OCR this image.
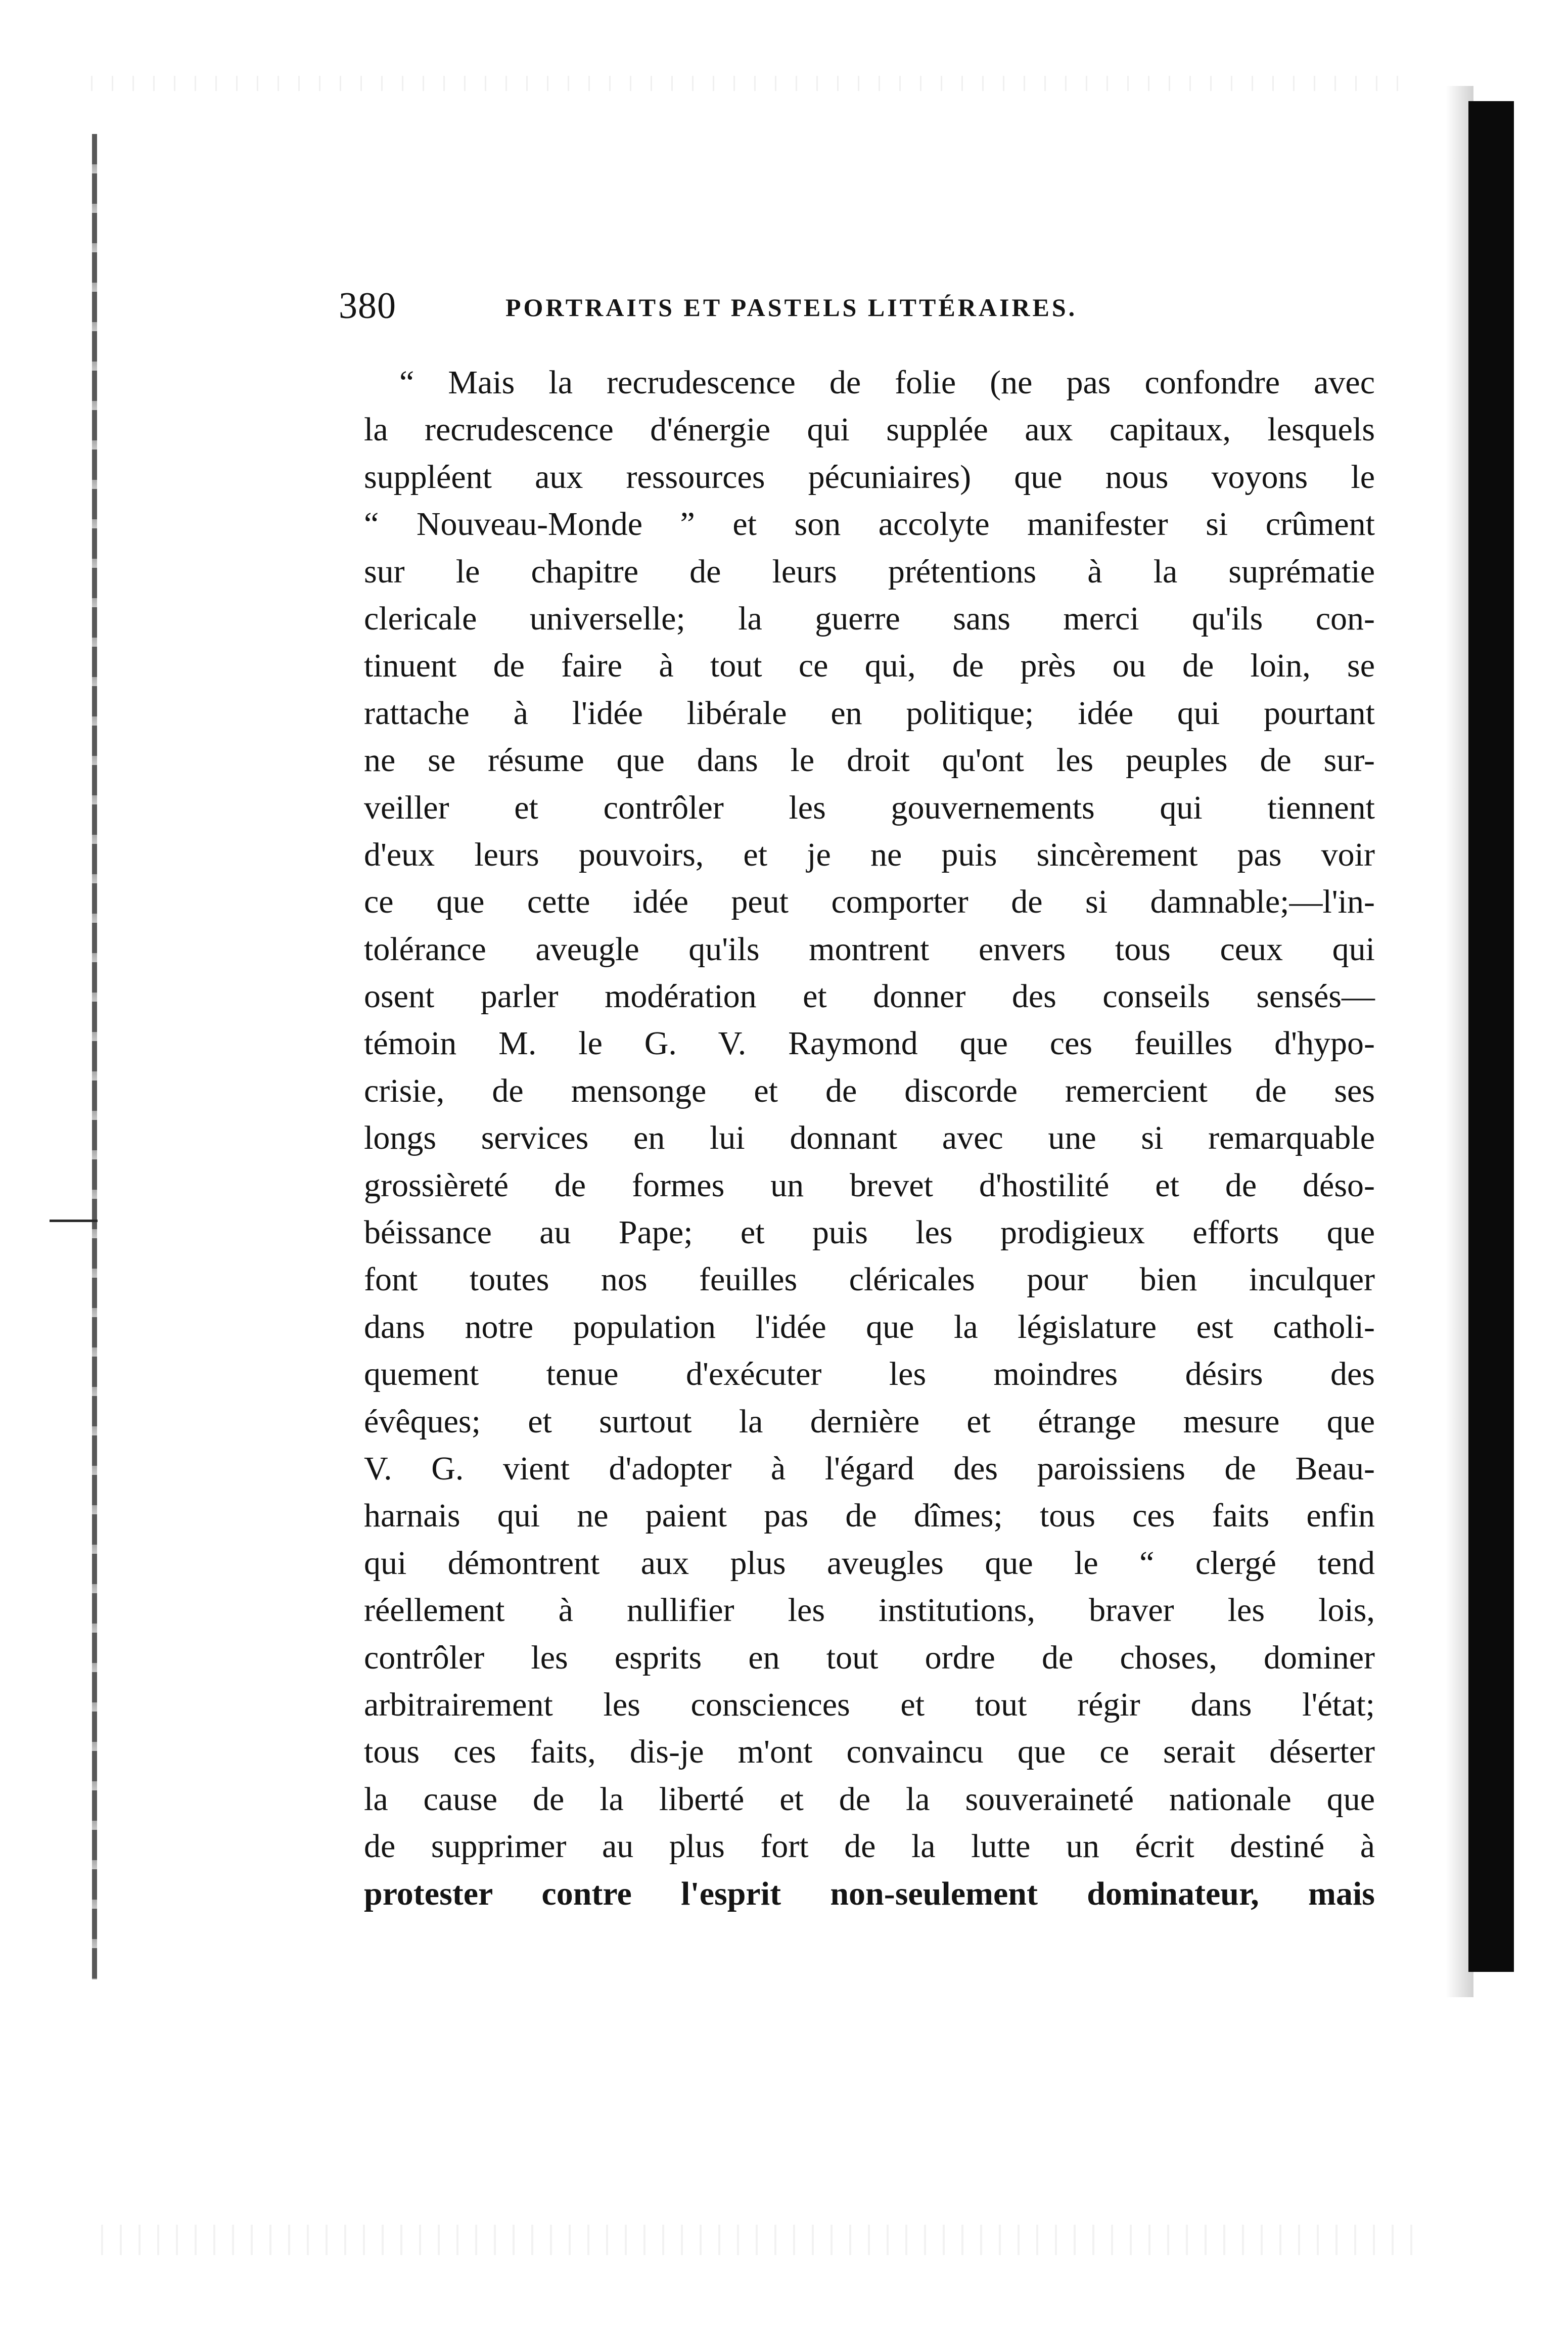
380	PORTRAITS ET PASTELS LITTÉRAIRES.
“ Mais la recrudescence de folie (ne pas confondre avec
la recrudescence d'énergie qui supplée aux capitaux, lesquels
suppléent aux ressources pécuniaires) que nous voyons le
“ Nouveau-Monde ” et son accolyte manifester si crûment
sur le chapitre de leurs prétentions à la suprématie
clericale universelle; la guerre sans merci qu'ils con-
tinuent de faire à tout ce qui, de près ou de loin, se
rattache à l'idée libérale en politique; idée qui pourtant
ne se résume que dans le droit qu'ont les peuples de sur-
veiller et contrôler les gouvernements qui tiennent
d'eux leurs pouvoirs, et je ne puis sincèrement pas voir
ce que cette idée peut comporter de si damnable;—l'in-
tolérance aveugle qu'ils montrent envers tous ceux qui
osent parler modération et donner des conseils sensés—
témoin M. le G. V. Raymond que ces feuilles d'hypo-
crisie, de mensonge et de discorde remercient de ses
longs services en lui donnant avec une si remarquable
grossièreté de formes un brevet d'hostilité et de déso-
béissance au Pape; et puis les prodigieux efforts que
font toutes nos feuilles cléricales pour bien inculquer
dans notre population l'idée que la législature est catholi-
quement tenue d'exécuter les moindres désirs des
évêques; et surtout la dernière et étrange mesure que
V. G. vient d'adopter à l'égard des paroissiens de Beau-
harnais qui ne paient pas de dîmes; tous ces faits enfin
qui démontrent aux plus aveugles que le “ clergé tend
réellement à nullifier les institutions, braver les lois,
contrôler les esprits en tout ordre de choses, dominer
arbitrairement les consciences et tout régir dans l'état;
tous ces faits, dis-je m'ont convaincu que ce serait déserter
la cause de la liberté et de la souveraineté nationale que
de supprimer au plus fort de la lutte un écrit destiné à
protester contre l'esprit non-seulement dominateur, mais
